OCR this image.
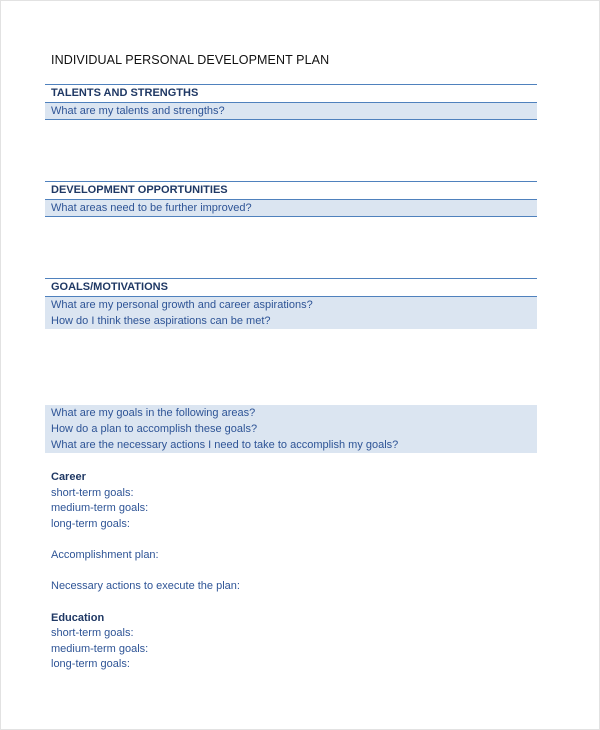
INDIVIDUAL PERSONAL DEVELOPMENT PLAN
TALENTS AND STRENGTHS
What are my talents and strengths?
DEVELOPMENT OPPORTUNITIES
What areas need to be further improved?
GOALS/MOTIVATIONS
What are my personal growth and career aspirations?
How do I think these aspirations can be met?
What are my goals in the following areas?
How do a plan to accomplish these goals?
What are the necessary actions I need to take to accomplish my goals?
Career
short-term goals:
medium-term goals:
long-term goals:
Accomplishment plan:
Necessary actions to execute the plan:
Education
short-term goals:
medium-term goals:
long-term goals:
